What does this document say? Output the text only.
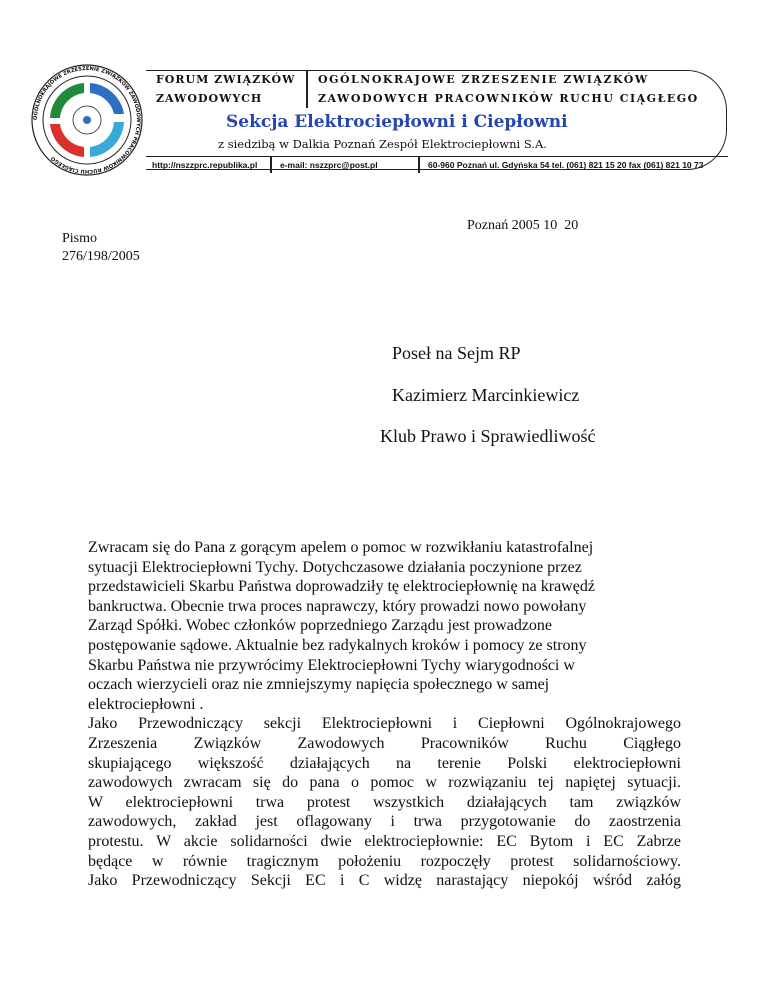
OGÓLNOKRAJOWE ZRZESZENIE ZWIĄZKÓW ZAWODOWYCH PRACOWNIKÓW RUCHU CIĄGŁEGO
FORUM ZWIĄZKÓW
ZAWODOWYCH
OGÓLNOKRAJOWE ZRZESZENIE ZWIĄZKÓW
ZAWODOWYCH PRACOWNIKÓW RUCHU CIĄGŁEGO
Sekcja Elektrociepłowni i Ciepłowni
z siedzibą w Dalkia Poznań Zespół Elektrociepłowni S.A.
http://nszzprc.republika.pl	e-mail: nszzprc@post.pl	60-960 Poznań ul. Gdyńska 54 tel. (061) 821 15 20 fax (061) 821 10 73
Poznań 2005 10  20
Pismo
276/198/2005
Poseł na Sejm RP
Kazimierz Marcinkiewicz
Klub Prawo i Sprawiedliwość

Zwracam się do Pana z gorącym apelem o pomoc w rozwikłaniu katastrofalnej

sytuacji Elektrociepłowni Tychy. Dotychczasowe działania poczynione przez

przedstawicieli Skarbu Państwa doprowadziły tę elektrociepłownię na krawędź

bankructwa. Obecnie trwa proces naprawczy, który prowadzi nowo powołany

Zarząd Spółki. Wobec członków poprzedniego Zarządu jest prowadzone

postępowanie sądowe. Aktualnie bez radykalnych kroków i pomocy ze strony

Skarbu Państwa nie przywrócimy Elektrociepłowni Tychy wiarygodności w

oczach wierzycieli oraz nie zmniejszymy napięcia społecznego w samej

elektrociepłowni .

Jako Przewodniczący sekcji Elektrociepłowni i Ciepłowni Ogólnokrajowego

Zrzeszenia Związków Zawodowych Pracowników Ruchu Ciągłego

skupiającego większość działających na terenie Polski elektrociepłowni

zawodowych zwracam się do pana o pomoc w rozwiązaniu tej napiętej sytuacji.

W elektrociepłowni trwa protest wszystkich działających tam związków

zawodowych, zakład jest oflagowany i trwa przygotowanie do zaostrzenia

protestu. W akcie solidarności dwie elektrociepłownie: EC Bytom i EC Zabrze

będące w równie tragicznym położeniu rozpoczęły protest solidarnościowy.

Jako Przewodniczący Sekcji EC i C widzę narastający niepokój wśród załóg
